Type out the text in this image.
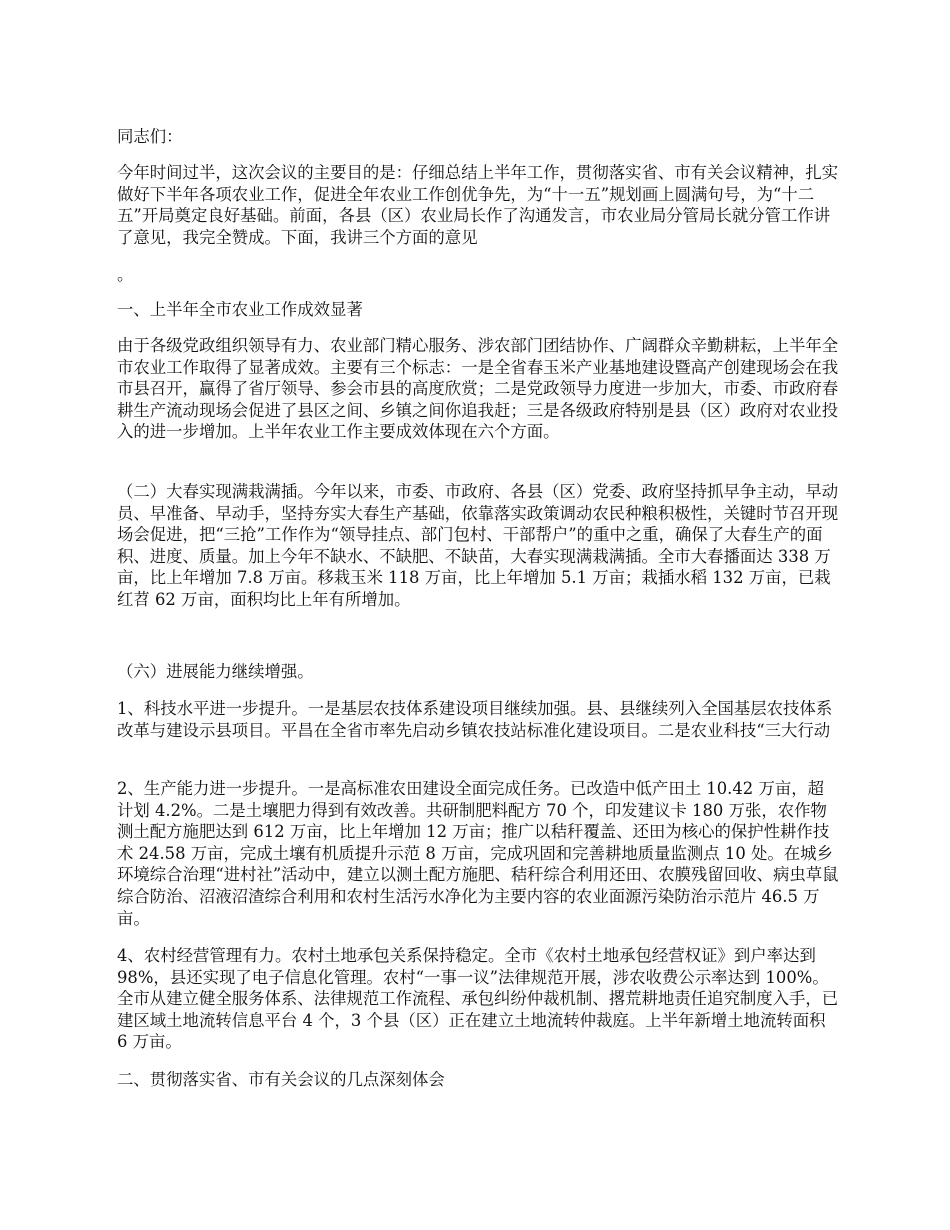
同志们：

今年时间过半，这次会议的主要目的是：仔细总结上半年工作，贯彻落实省、市有关会议精神，扎实做好下半年各项农业工作，促进全年农业工作创优争先，为“十一五”规划画上圆满句号，为“十二五”开局奠定良好基础。前面，各县（区）农业局长作了沟通发言，市农业局分管局长就分管工作讲了意见，我完全赞成。下面，我讲三个方面的意见

。

一、上半年全市农业工作成效显著

由于各级党政组织领导有力、农业部门精心服务、涉农部门团结协作、广阔群众辛勤耕耘，上半年全市农业工作取得了显著成效。主要有三个标志：一是全省春玉米产业基地建设暨高产创建现场会在我市县召开，赢得了省厅领导、参会市县的高度欣赏；二是党政领导力度进一步加大，市委、市政府春耕生产流动现场会促进了县区之间、乡镇之间你追我赶；三是各级政府特别是县（区）政府对农业投入的进一步增加。上半年农业工作主要成效体现在六个方面。

（二）大春实现满栽满插。今年以来，市委、市政府、各县（区）党委、政府坚持抓早争主动，早动员、早准备、早动手，坚持夯实大春生产基础，依靠落实政策调动农民种粮积极性，关键时节召开现场会促进，把“三抢”工作作为“领导挂点、部门包村、干部帮户”的重中之重，确保了大春生产的面积、进度、质量。加上今年不缺水、不缺肥、不缺苗，大春实现满栽满插。全市大春播面达 338 万亩，比上年增加 7.8 万亩。移栽玉米 118 万亩，比上年增加 5.1 万亩；栽插水稻 132 万亩，已栽红苕 62 万亩，面积均比上年有所增加。

（六）进展能力继续增强。

1、科技水平进一步提升。一是基层农技体系建设项目继续加强。县、县继续列入全国基层农技体系改革与建设示县项目。平昌在全省市率先启动乡镇农技站标准化建设项目。二是农业科技“三大行动

2、生产能力进一步提升。一是高标准农田建设全面完成任务。已改造中低产田土 10.42 万亩，超计划 4.2%。二是土壤肥力得到有效改善。共研制肥料配方 70 个，印发建议卡 180 万张，农作物测土配方施肥达到 612 万亩，比上年增加 12 万亩；推广以秸秆覆盖、还田为核心的保护性耕作技术 24.58 万亩，完成土壤有机质提升示范 8 万亩，完成巩固和完善耕地质量监测点 10 处。在城乡环境综合治理“进村社”活动中，建立以测土配方施肥、秸秆综合利用还田、农膜残留回收、病虫草鼠综合防治、沼液沼渣综合利用和农村生活污水净化为主要内容的农业面源污染防治示范片 46.5 万亩。

4、农村经营管理有力。农村土地承包关系保持稳定。全市《农村土地承包经营权证》到户率达到 98%，县还实现了电子信息化管理。农村“一事一议”法律规范开展，涉农收费公示率达到 100%。全市从建立健全服务体系、法律规范工作流程、承包纠纷仲裁机制、撂荒耕地责任追究制度入手，已建区域土地流转信息平台 4 个，3 个县（区）正在建立土地流转仲裁庭。上半年新增土地流转面积 6 万亩。

二、贯彻落实省、市有关会议的几点深刻体会
